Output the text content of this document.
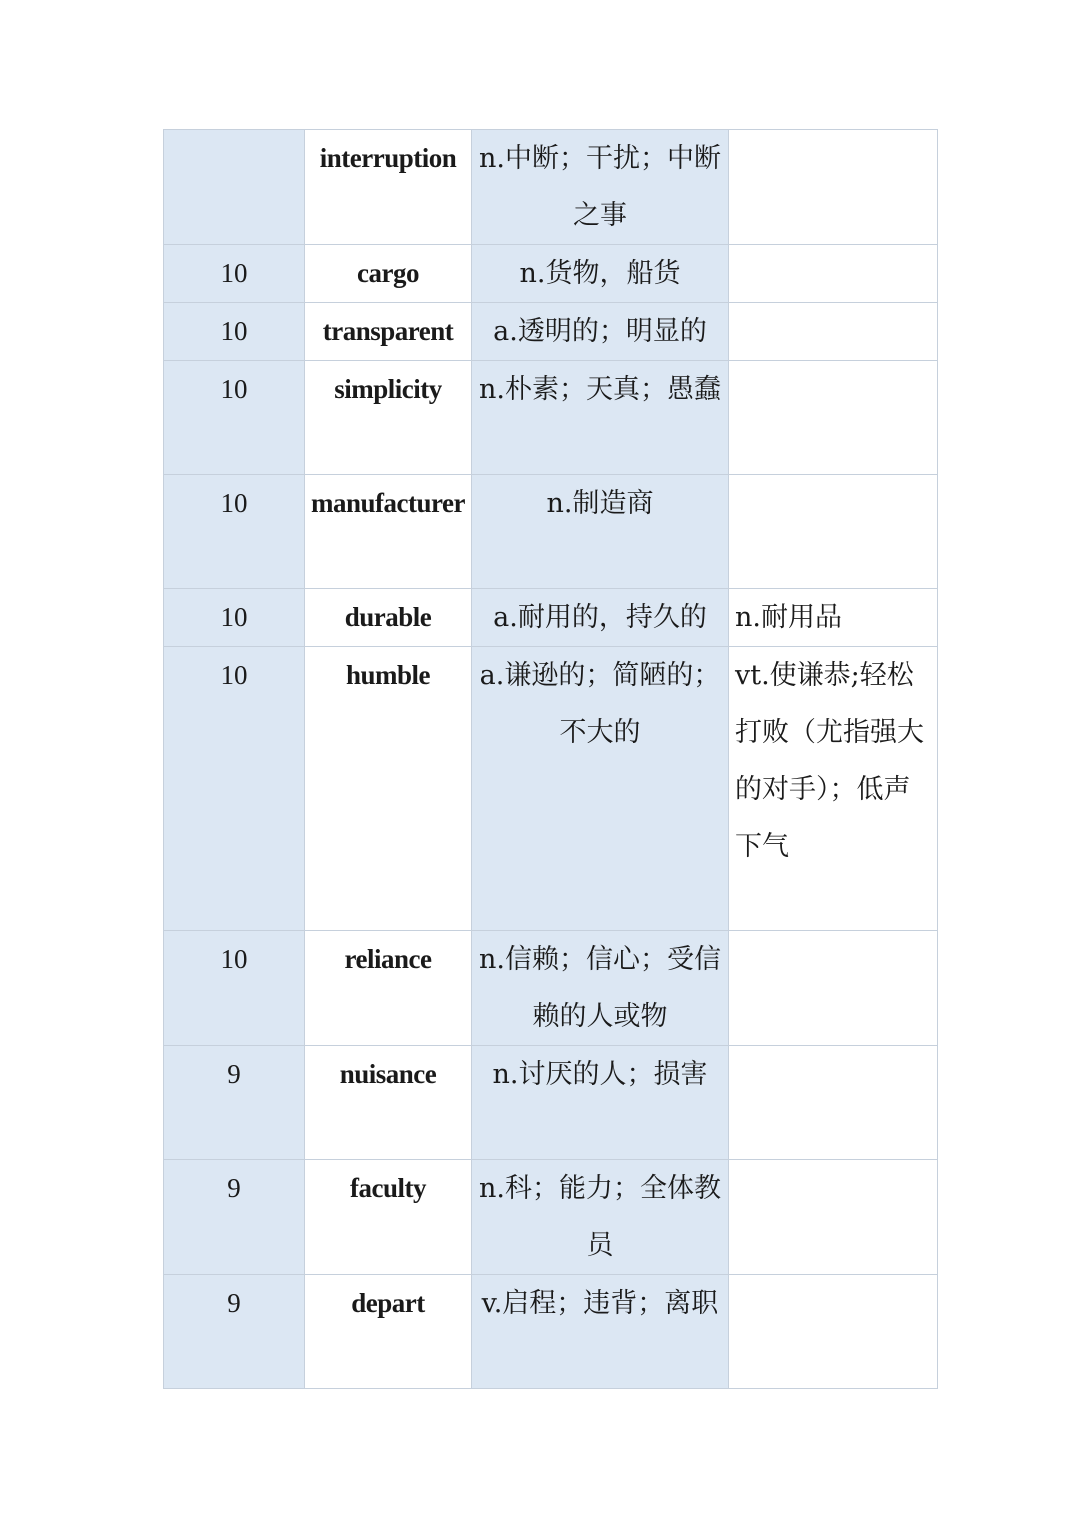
	interruption	n.中断；干扰；中断之事	
10	cargo	n.货物，船货	
10	transparent	a.透明的；明显的	
10	simplicity	n.朴素；天真；愚蠢	
10	manufacturer	n.制造商	
10	durable	a.耐用的，持久的	n.耐用品
10	humble	a.谦逊的；简陋的；不大的	vt.使谦恭;轻松打败（尤指强大的对手）；低声下气
10	reliance	n.信赖；信心；受信赖的人或物	
9	nuisance	n.讨厌的人；损害	
9	faculty	n.科；能力；全体教员	
9	depart	v.启程；违背；离职	
